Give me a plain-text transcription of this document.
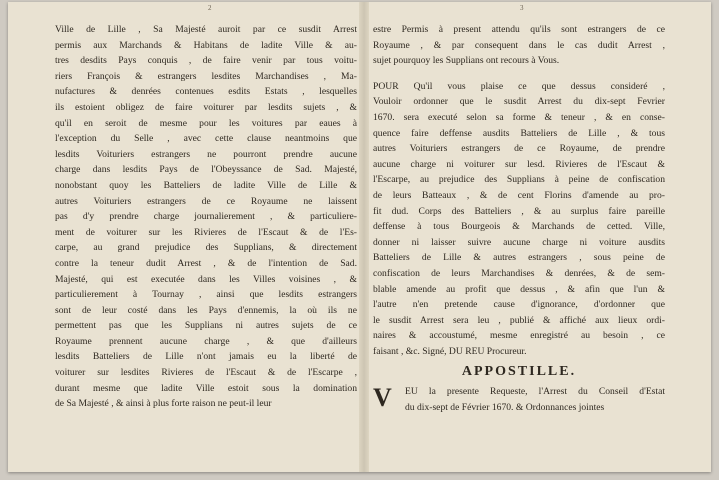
2	3
Ville de Lille , Sa Majesté auroit par ce susdit Arrest
permis aux Marchands & Habitans de ladite Ville & au-
tres desdits Pays conquis , de faire venir par tous voitu-
riers François & estrangers lesdites Marchandises , Ma-
nufactures & denrées contenues esdits Estats , lesquelles
ils estoient obligez de faire voiturer par lesdits sujets , &
qu'il en seroit de mesme pour les voitures par eaues à
l'exception du Selle , avec cette clause neantmoins que
lesdits Voituriers estrangers ne pourront prendre aucune
charge dans lesdits Pays de l'Obeyssance de Sad. Majesté,
nonobstant quoy les Batteliers de ladite Ville de Lille &
autres Voituriers estrangers de ce Royaume ne laissent
pas d'y prendre charge journalierement , & particuliere-
ment de voiturer sur les Rivieres de l'Escaut & de l'Es-
carpe, au grand prejudice des Supplians, & directement
contre la teneur dudit Arrest , & de l'intention de Sad.
Majesté, qui est executée dans les Villes voisines , &
particulierement à Tournay , ainsi que lesdits estrangers
sont de leur costé dans les Pays d'ennemis, la où ils ne
permettent pas que les Supplians ni autres sujets de ce
Royaume prennent aucune charge , & que d'ailleurs
lesdits Batteliers de Lille n'ont jamais eu la liberté de
voiturer sur lesdites Rivieres de l'Escaut & de l'Escarpe ,
durant mesme que ladite Ville estoit sous la domination
de Sa Majesté , & ainsi à plus forte raison ne peut-il leur
estre Permis à present attendu qu'ils sont estrangers de ce
Royaume , & par consequent dans le cas dudit Arrest ,
sujet pourquoy les Supplians ont recours à Vous.
POUR Qu'il vous plaise ce que dessus consideré ,
Vouloir ordonner que le susdit Arrest du dix-sept Fevrier
1670. sera executé selon sa forme & teneur , & en conse-
quence faire deffense ausdits Batteliers de Lille , & tous
autres Voituriers estrangers de ce Royaume, de prendre
aucune charge ni voiturer sur lesd. Rivieres de l'Escaut &
l'Escarpe, au prejudice des Supplians à peine de confiscation
de leurs Batteaux , & de cent Florins d'amende au pro-
fit dud. Corps des Batteliers , & au surplus faire pareille
deffense à tous Bourgeois & Marchands de cetted. Ville,
donner ni laisser suivre aucune charge ni voiture ausdits
Batteliers de Lille & autres estrangers , sous peine de
confiscation de leurs Marchandises & denrées, & de sem-
blable amende au profit que dessus , & afin que l'un &
l'autre n'en pretende cause d'ignorance, d'ordonner que
le susdit Arrest sera leu , publié & affiché aux lieux ordi-
naires & accoustumé, mesme enregistré au besoin , ce
faisant , &c. Signé, DU REU Procureur.
APPOSTILLE.
V EU la presente Requeste, l'Arrest du Conseil d'Estat
du dix-sept de Février 1670. & Ordonnances jointes
